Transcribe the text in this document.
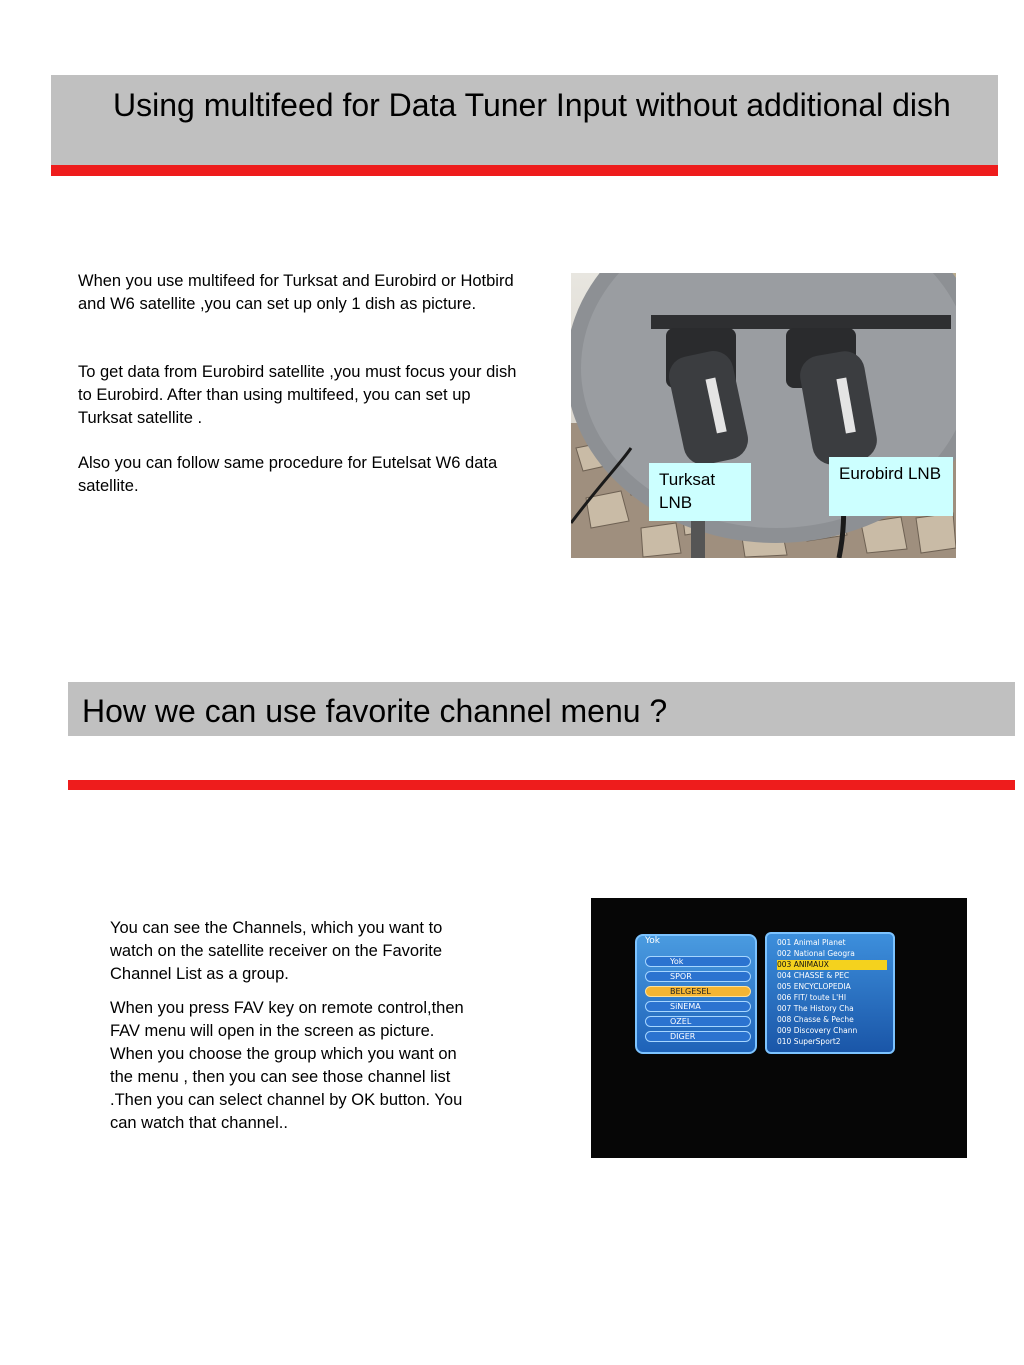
Using multifeed for Data Tuner Input without additional dish

When you use multifeed for Turksat and Eurobird or Hotbird and W6 satellite ,you can set up only 1 dish as picture.

To get data from Eurobird satellite ,you must focus your dish to Eurobird. After than using multifeed, you can set up Turksat satellite .

Also you can follow same procedure for Eutelsat W6 data satellite.	Turksat LNB
Eurobird LNB
How we can use favorite channel menu ?

You can see the Channels, which you want to watch on the satellite receiver on the Favorite Channel List as a group.

When you press FAV key on remote control,then FAV menu will open in the screen as picture. When you choose the group which you want on the menu , then you can see those channel list .Then you can select channel by OK button. You can watch that channel..

Yok
Yok
SPOR
BELGESEL
SiNEMA
OZEL
DIGER
001 Animal Planet
002 National Geogra
003 ANIMAUX
004 CHASSE & PEC
005 ENCYCLOPEDIA
006 FIT/ toute L'HI
007 The History Cha
008 Chasse & Peche
009 Discovery Chann
010 SuperSport2
